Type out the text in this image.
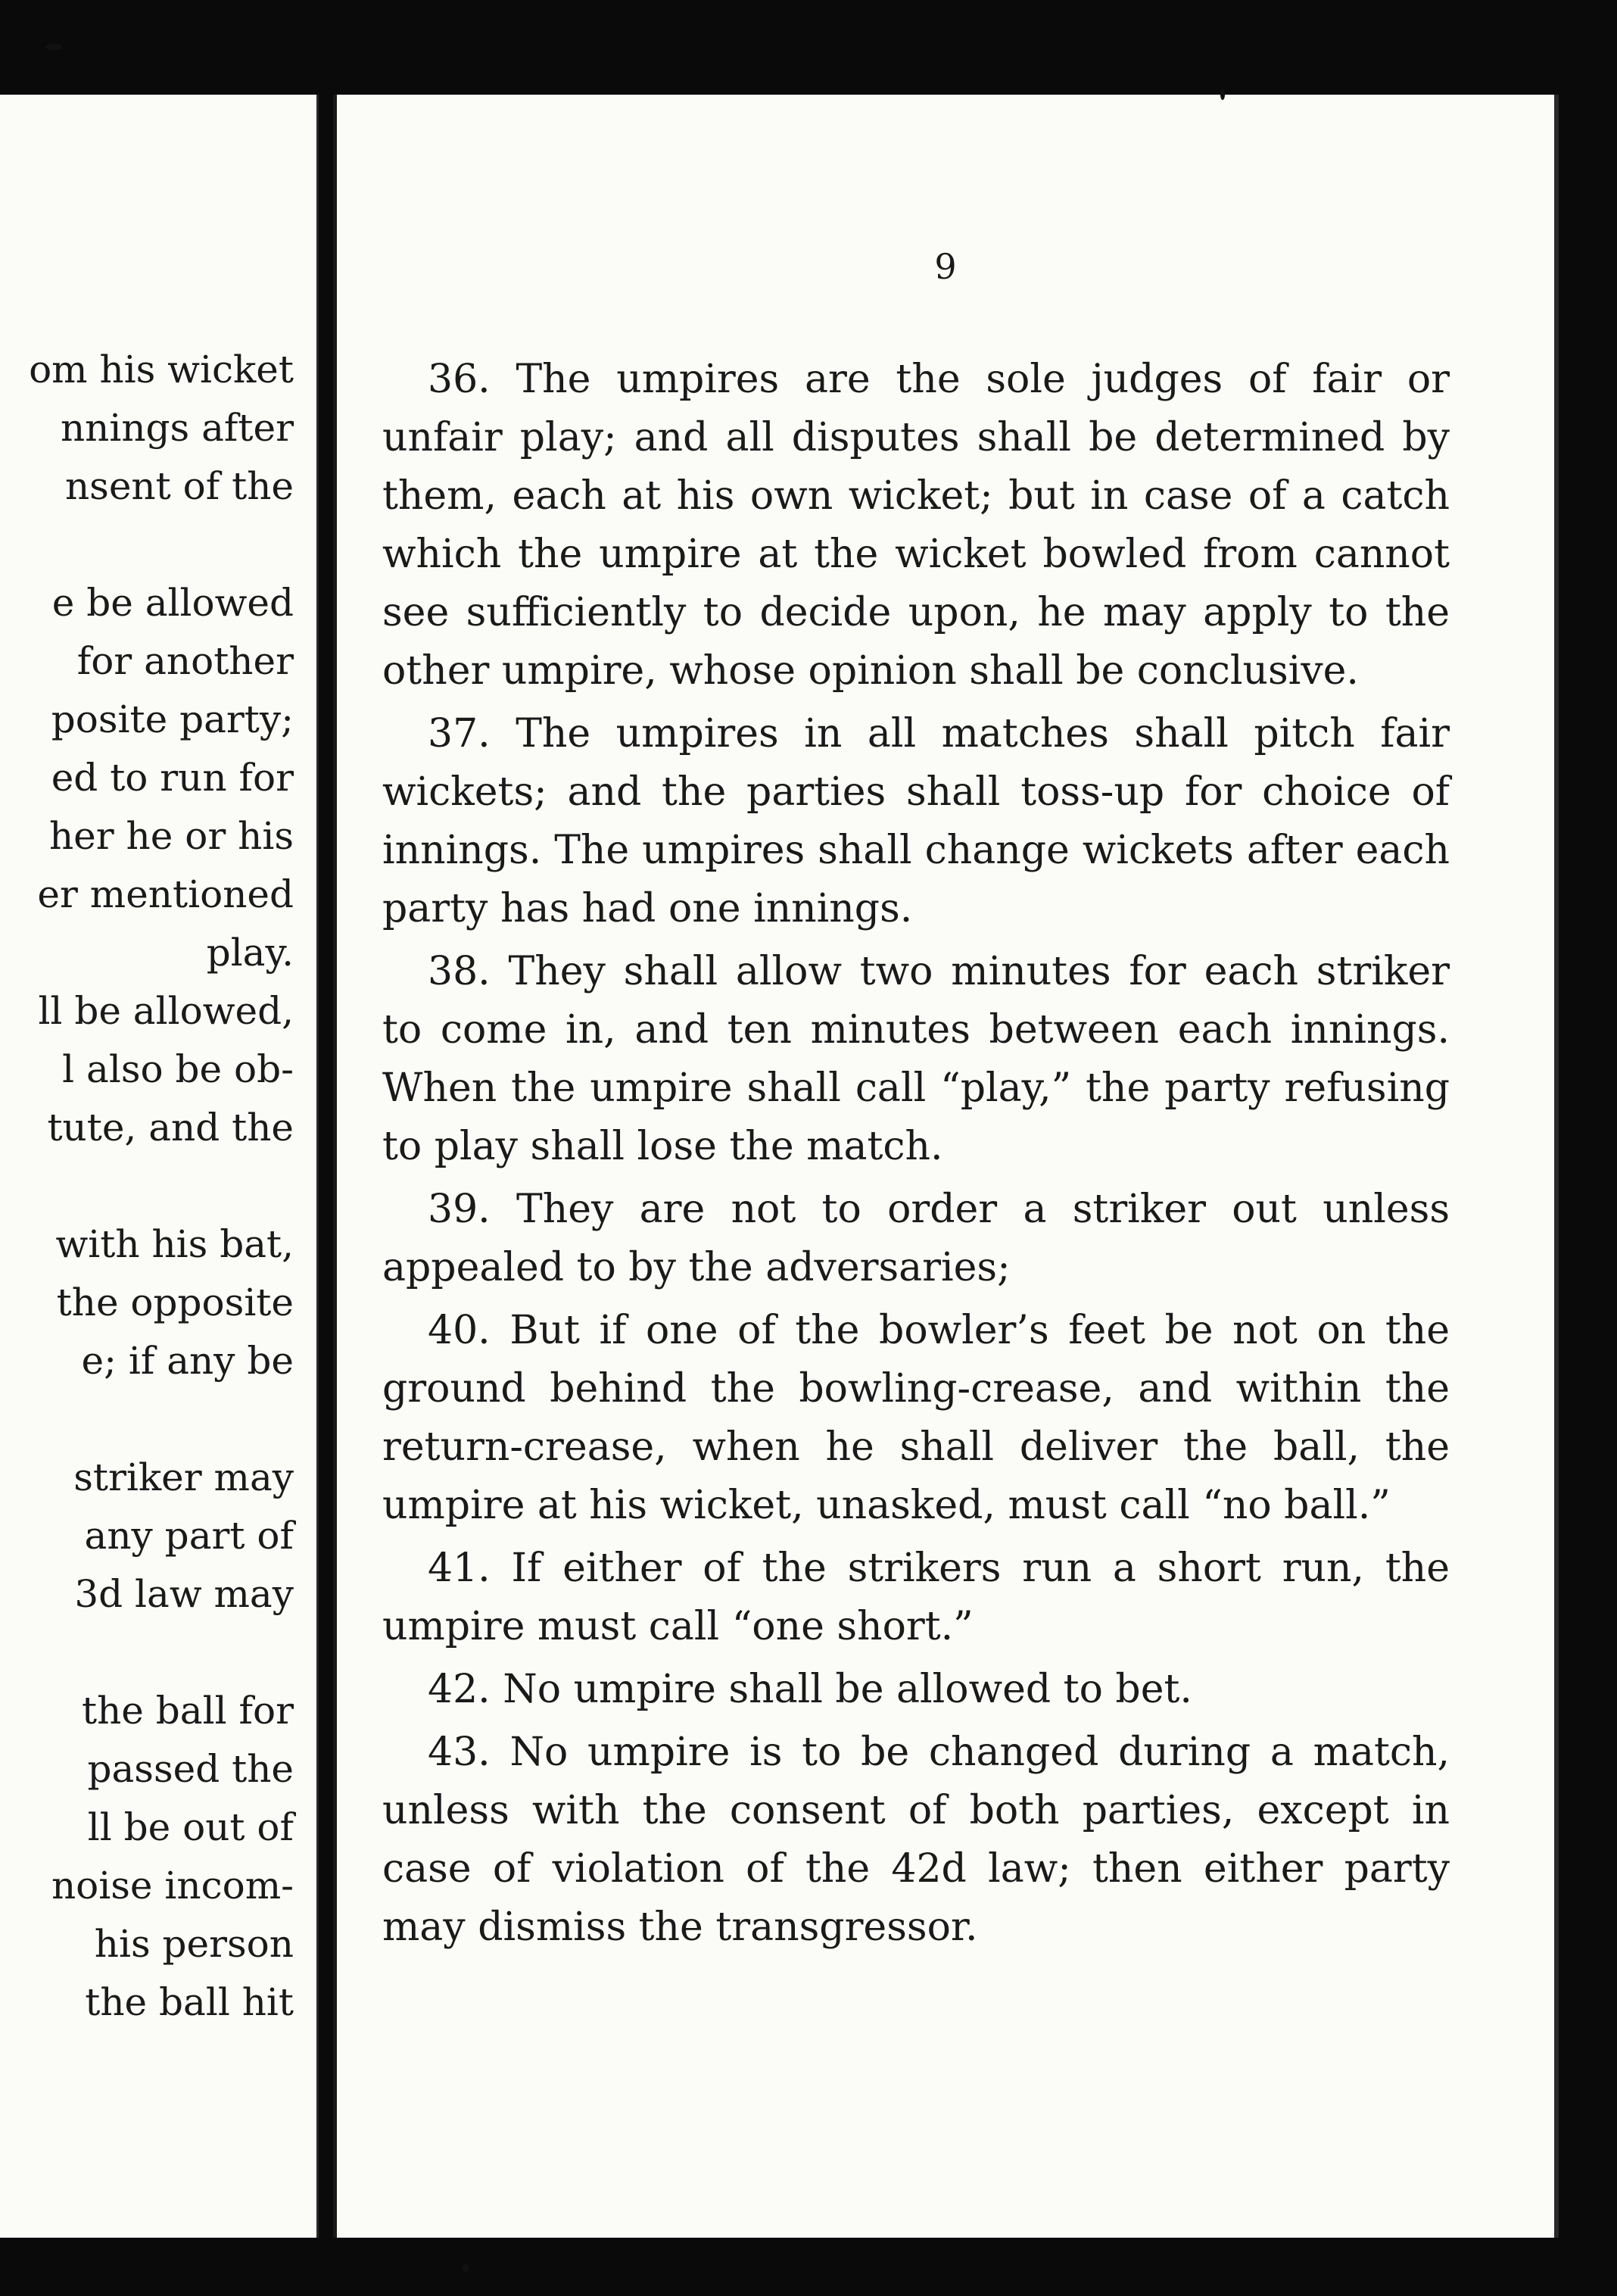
om his wicket
nnings after
nsent of the
e be allowed
for another
posite party;
ed to run for
her he or his
er mentioned
play.
ll be allowed,
l also be ob-
tute, and the
with his bat,
the opposite
e; if any be
striker may
any part of
3d law may
the ball for
passed the
ll be out of
noise incom-
his person
the ball hit
9

36. The umpires are the sole judges of fair or unfair play; and all disputes shall be determined by them, each at his own wicket; but in case of a catch which the umpire at the wicket bowled from cannot see sufficiently to decide upon, he may apply to the other umpire, whose opinion shall be conclusive.

37. The umpires in all matches shall pitch fair wickets; and the parties shall toss-up for choice of innings. The umpires shall change wickets after each party has had one innings.

38. They shall allow two minutes for each striker to come in, and ten minutes between each innings. When the umpire shall call “play,” the party refusing to play shall lose the match.

39. They are not to order a striker out unless appealed to by the adversaries;

40. But if one of the bowler’s feet be not on the ground behind the bowling-crease, and within the return-crease, when he shall deliver the ball, the umpire at his wicket, unasked, must call “no ball.”

41. If either of the strikers run a short run, the umpire must call “one short.”

42. No umpire shall be allowed to bet.

43. No umpire is to be changed during a match, unless with the consent of both parties, except in case of violation of the 42d law; then either party may dismiss the transgressor.
